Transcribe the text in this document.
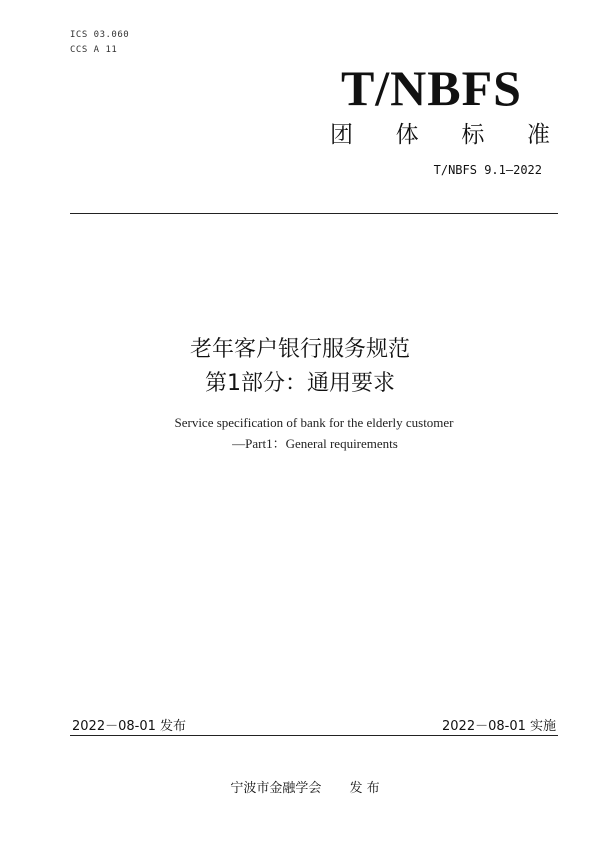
ICS 03.060
CCS A 11
T/NBFS
团 体 标 准
T/NBFS 9.1—2022
老年客户银行服务规范
第1部分：通用要求
Service specification of bank for the elderly customer
—Part1：General requirements
2022－08-01 发布	2022－08-01 实施
宁波市金融学会 发 布
